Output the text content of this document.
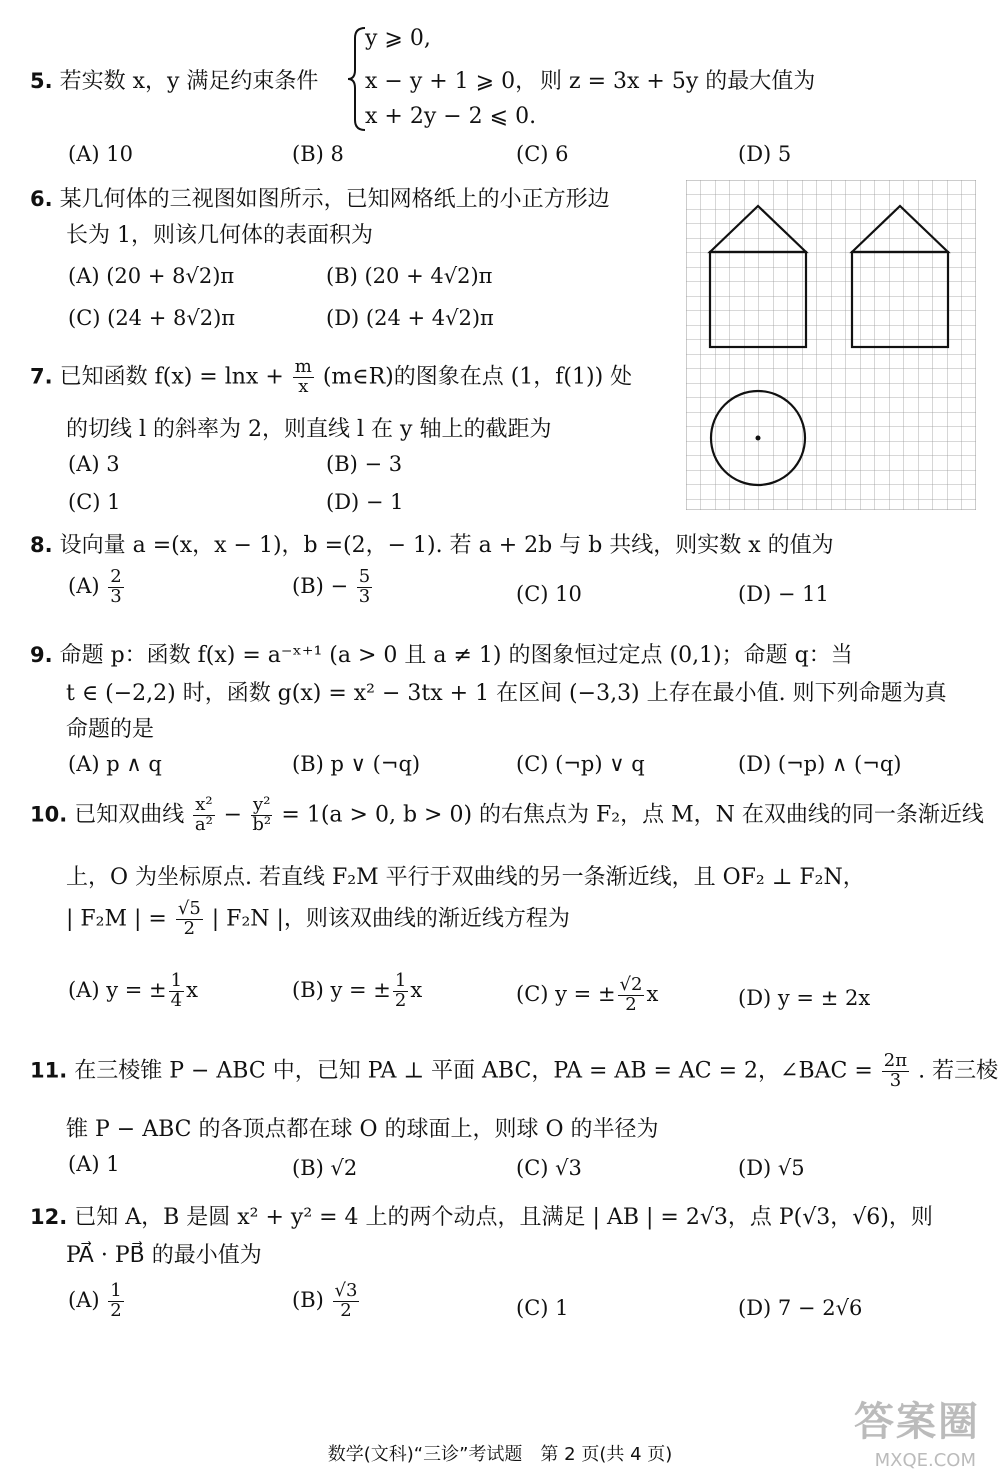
5. 若实数 x，y 满足约束条件
y ⩾ 0,
x − y + 1 ⩾ 0，
x + 2y − 2 ⩽ 0.
则 z = 3x + 5y 的最大值为
(A) 10	(B) 8	(C) 6	(D) 5
6. 某几何体的三视图如图所示，已知网格纸上的小正方形边
长为 1，则该几何体的表面积为
(A) (20 + 8√2)π	(B) (20 + 4√2)π
(C) (24 + 8√2)π	(D) (24 + 4√2)π
7. 已知函数 $f(x) = \ln x + \frac{m}{x}$ (m∈R)的图象在点 (1，f(1)) 处
的切线 l 的斜率为 2，则直线 l 在 y 轴上的截距为
(A) 3	(B) − 3
(C) 1	(D) − 1
8. 设向量 a =(x，x − 1)，b =(2，− 1). 若 a + 2b 与 b 共线，则实数 x 的值为
$(A) \frac{2}{3}$	$(B) - \frac{5}{3}$	(C) 10	(D) − 11
9. 命题 p：函数 f(x) = a⁻ˣ⁺¹ (a > 0 且 a ≠ 1) 的图象恒过定点 (0,1)；命题 q：当
t ∈ (−2,2) 时，函数 g(x) = x² − 3tx + 1 在区间 (−3,3) 上存在最小值. 则下列命题为真
命题的是
(A) p ∧ q	(B) p ∨ (¬q)	(C) (¬p) ∨ q	(D) (¬p) ∧ (¬q)
10. 已知双曲线 $\frac{\text{x²}}{\text{a²}} - \frac{\text{y²}}{\text{b²}} = 1(a > 0$, b > 0) 的右焦点为 F₂，点 M，N 在双曲线的同一条渐近线
上，O 为坐标原点. 若直线 F₂M 平行于双曲线的另一条渐近线，且 OF₂ ⊥ F₂N，
| F₂M | = $\frac{√5}{2}$ | F₂N |，则该双曲线的渐近线方程为
(A) y = ± $\frac{1}{4}$ x	(B) y = ± $\frac{1}{2}$ x	(C) y = ± $\frac{√2}{2}$ x	(D) y = ± 2x
11. 在三棱锥 P − ABC 中，已知 PA ⊥ 平面 ABC，PA = AB = AC = 2，∠BAC = $\frac{2\pi}{3}$ . 若三棱
锥 P − ABC 的各顶点都在球 O 的球面上，则球 O 的半径为
(A) 1	(B) √2	(C) √3	(D) √5
12. 已知 A，B 是圆 x² + y² = 4 上的两个动点，且满足 | AB | = 2√3，点 P(√3，√6)，则
PA⃗ · PB⃗ 的最小值为
$(A) \frac{1}{2}$	$(B) \frac{√3}{2}$	(C) 1	(D) 7 − 2√6
答案圈
MXQE.COM
数学(文科)“三诊”考试题　第 2 页(共 4 页)
